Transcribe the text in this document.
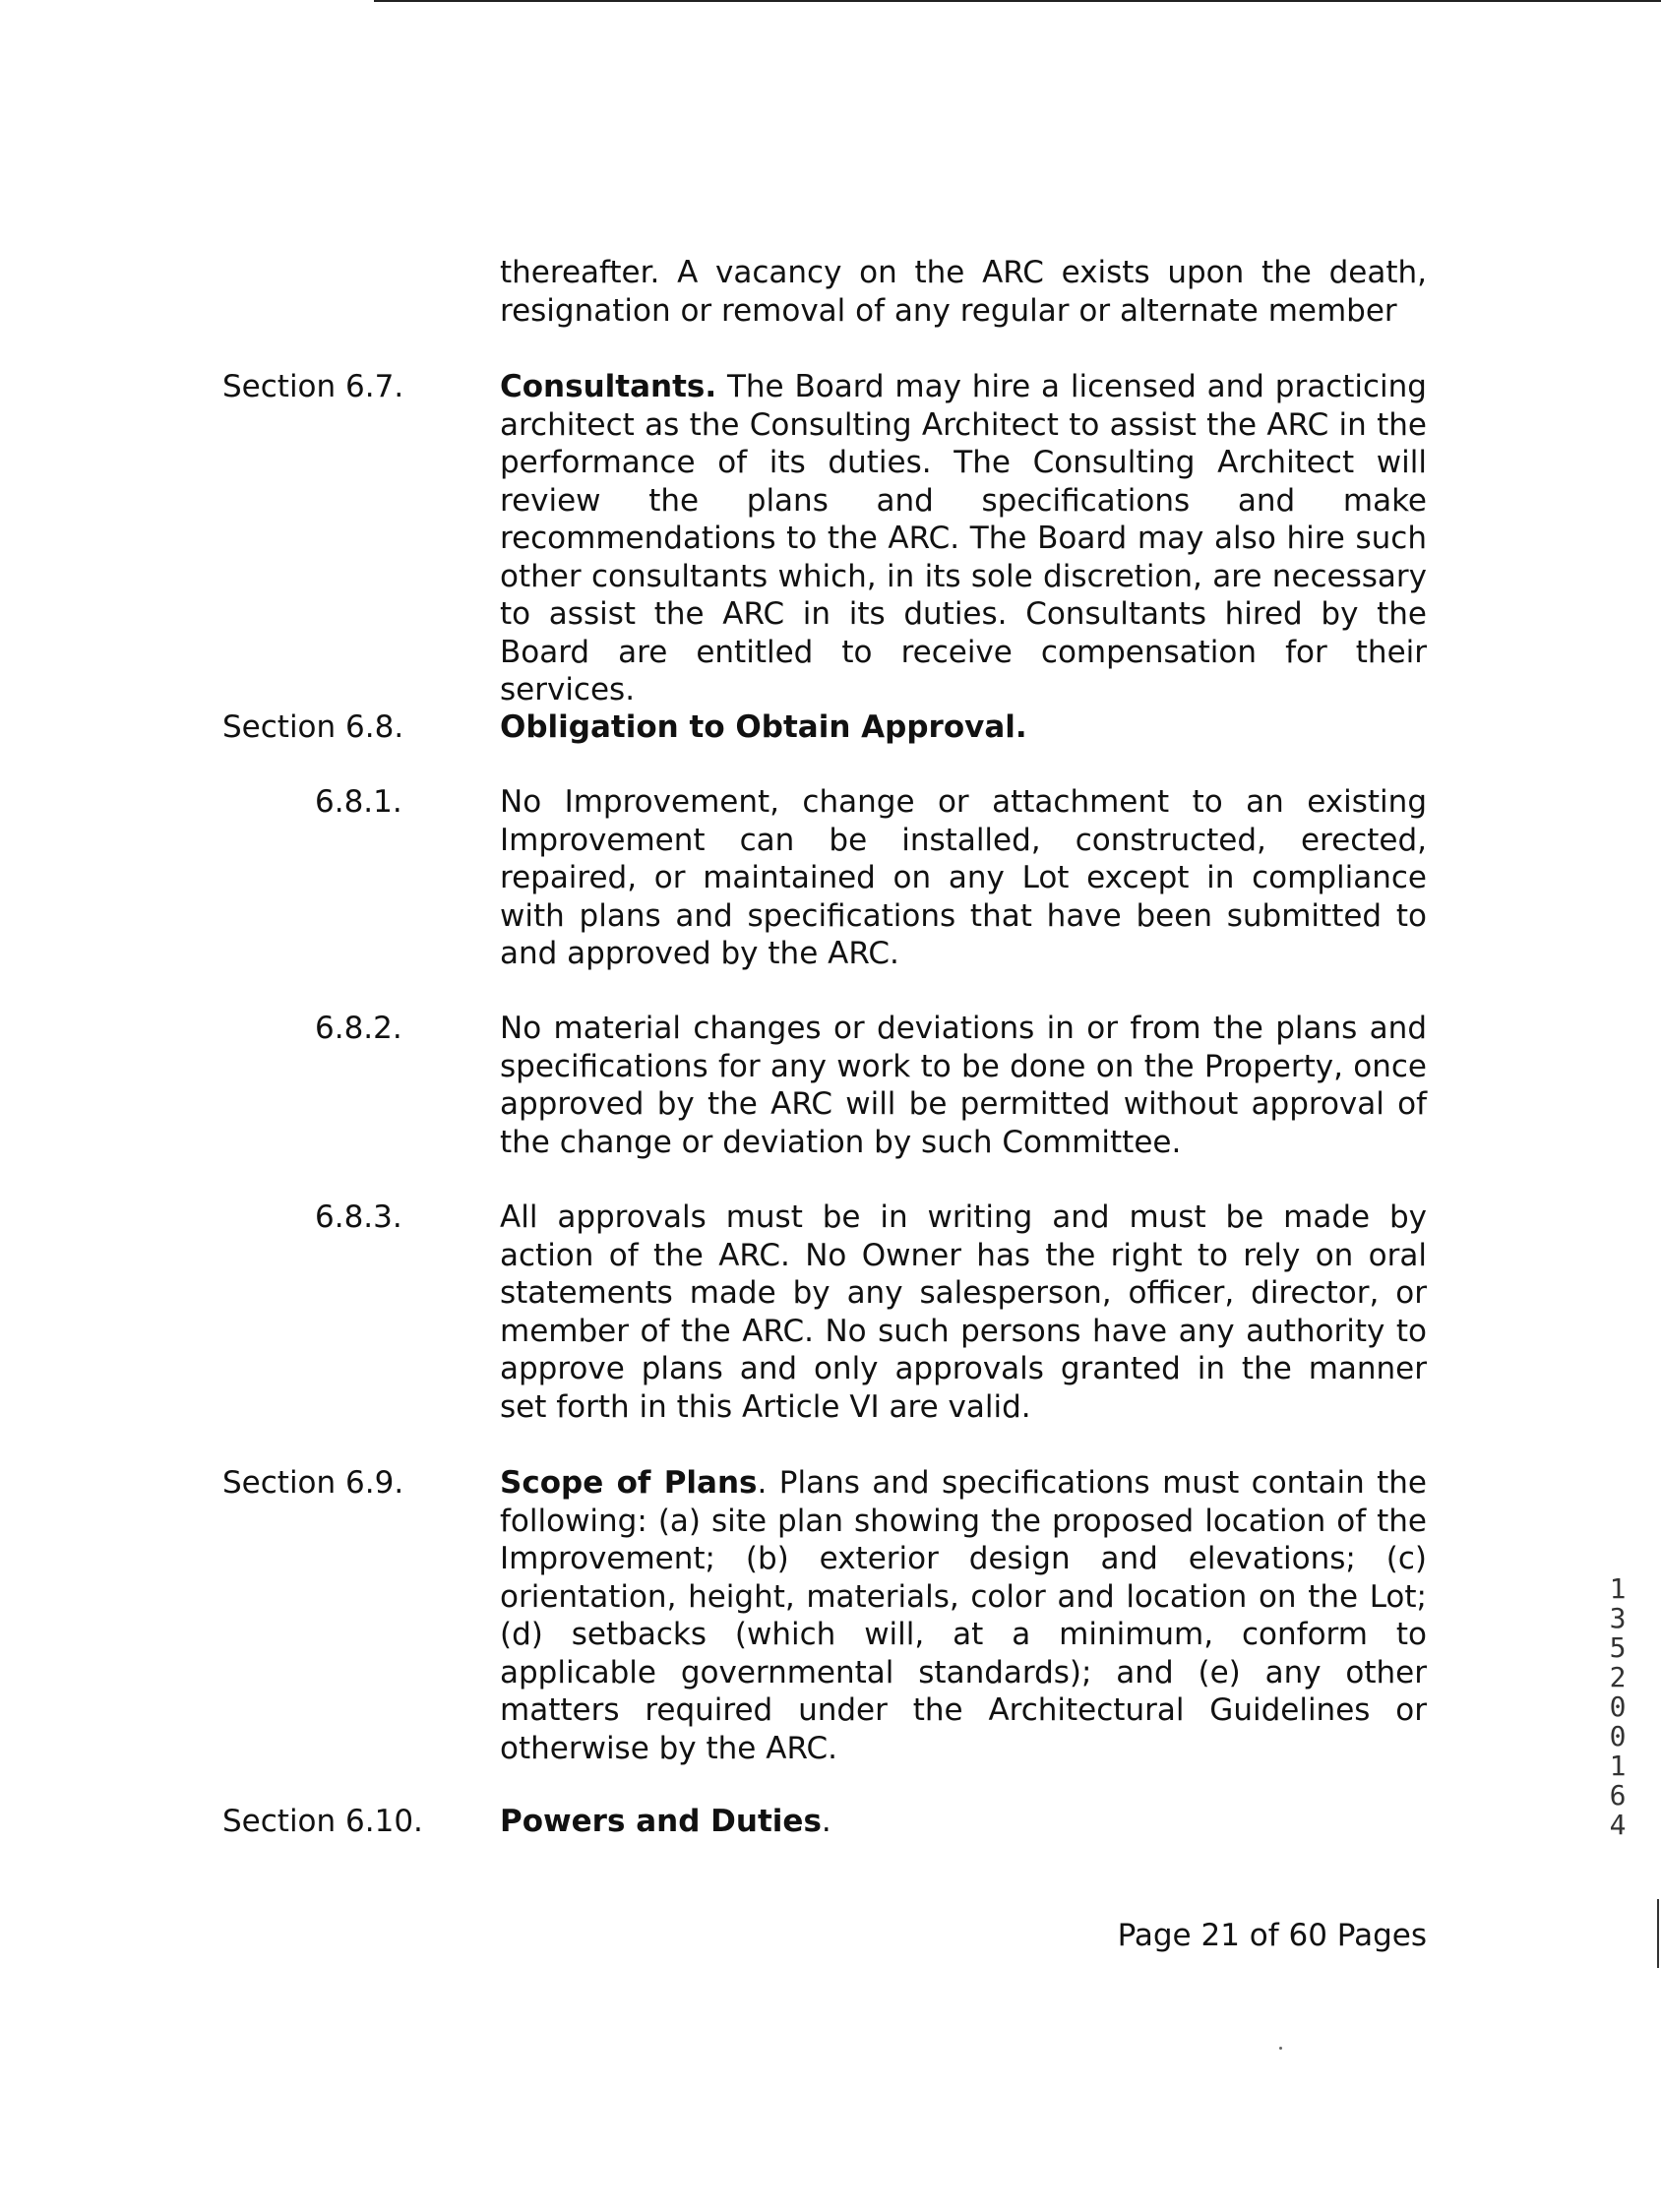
thereafter. A vacancy on the ARC exists upon the death, resignation or removal of any regular or alternate member
Section 6.7.	Consultants. The Board may hire a licensed and practicing architect as the Consulting Architect to assist the ARC in the performance of its duties. The Consulting Architect will review the plans and specifications and make recommendations to the ARC. The Board may also hire such other consultants which, in its sole discretion, are necessary to assist the ARC in its duties. Consultants hired by the Board are entitled to receive compensation for their services.
Section 6.8.	Obligation to Obtain Approval.
6.8.1.	No Improvement, change or attachment to an existing Improvement can be installed, constructed, erected, repaired, or maintained on any Lot except in compliance with plans and specifications that have been submitted to and approved by the ARC.
6.8.2.	No material changes or deviations in or from the plans and specifications for any work to be done on the Property, once approved by the ARC will be permitted without approval of the change or deviation by such Committee.
6.8.3.	All approvals must be in writing and must be made by action of the ARC. No Owner has the right to rely on oral statements made by any salesperson, officer, director, or member of the ARC. No such persons have any authority to approve plans and only approvals granted in the manner set forth in this Article VI are valid.
Section 6.9.	Scope of Plans. Plans and specifications must contain the following: (a) site plan showing the proposed location of the Improvement; (b) exterior design and elevations; (c) orientation, height, materials, color and location on the Lot; (d) setbacks (which will, at a minimum, conform to applicable governmental standards); and (e) any other matters required under the Architectural Guidelines or otherwise by the ARC.
Section 6.10.	Powers and Duties.
Page 21 of 60 Pages
1352 00164
